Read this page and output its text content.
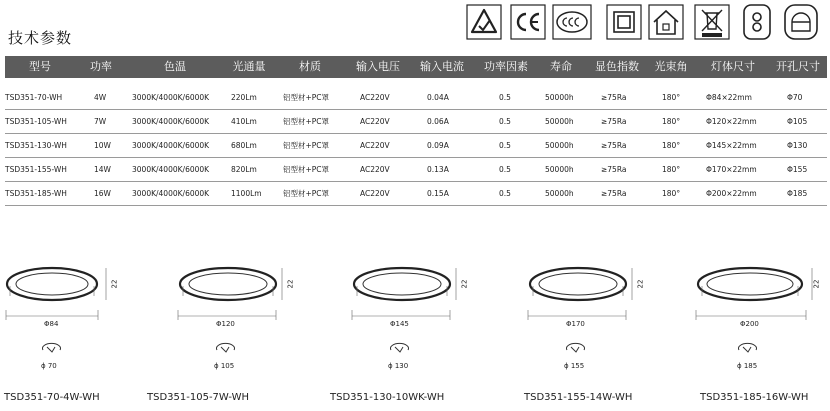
技术参数
型号	功率	色温	光通量	材质	输入电压	输入电流	功率因素	寿命	显色指数	光束角	灯体尺寸	开孔尺寸
TSD351-70-WH	4W	3000K/4000K/6000K	220Lm	铝型材+PC罩	AC220V	0.04A	0.5	50000h	≥75Ra	180°	Φ84×22mm	Φ70
TSD351-105-WH	7W	3000K/4000K/6000K	410Lm	铝型材+PC罩	AC220V	0.06A	0.5	50000h	≥75Ra	180°	Φ120×22mm	Φ105
TSD351-130-WH	10W	3000K/4000K/6000K	680Lm	铝型材+PC罩	AC220V	0.09A	0.5	50000h	≥75Ra	180°	Φ145×22mm	Φ130
TSD351-155-WH	14W	3000K/4000K/6000K	820Lm	铝型材+PC罩	AC220V	0.13A	0.5	50000h	≥75Ra	180°	Φ170×22mm	Φ155
TSD351-185-WH	16W	3000K/4000K/6000K	1100Lm	铝型材+PC罩	AC220V	0.15A	0.5	50000h	≥75Ra	180°	Φ200×22mm	Φ185
22
Φ84
ϕ 70
TSD351-70-4W-WH
22
Φ120
ϕ 105
TSD351-105-7W-WH
22
Φ145
ϕ 130
TSD351-130-10WK-WH
22
Φ170
ϕ 155
TSD351-155-14W-WH
22
Φ200
ϕ 185
TSD351-185-16W-WH
